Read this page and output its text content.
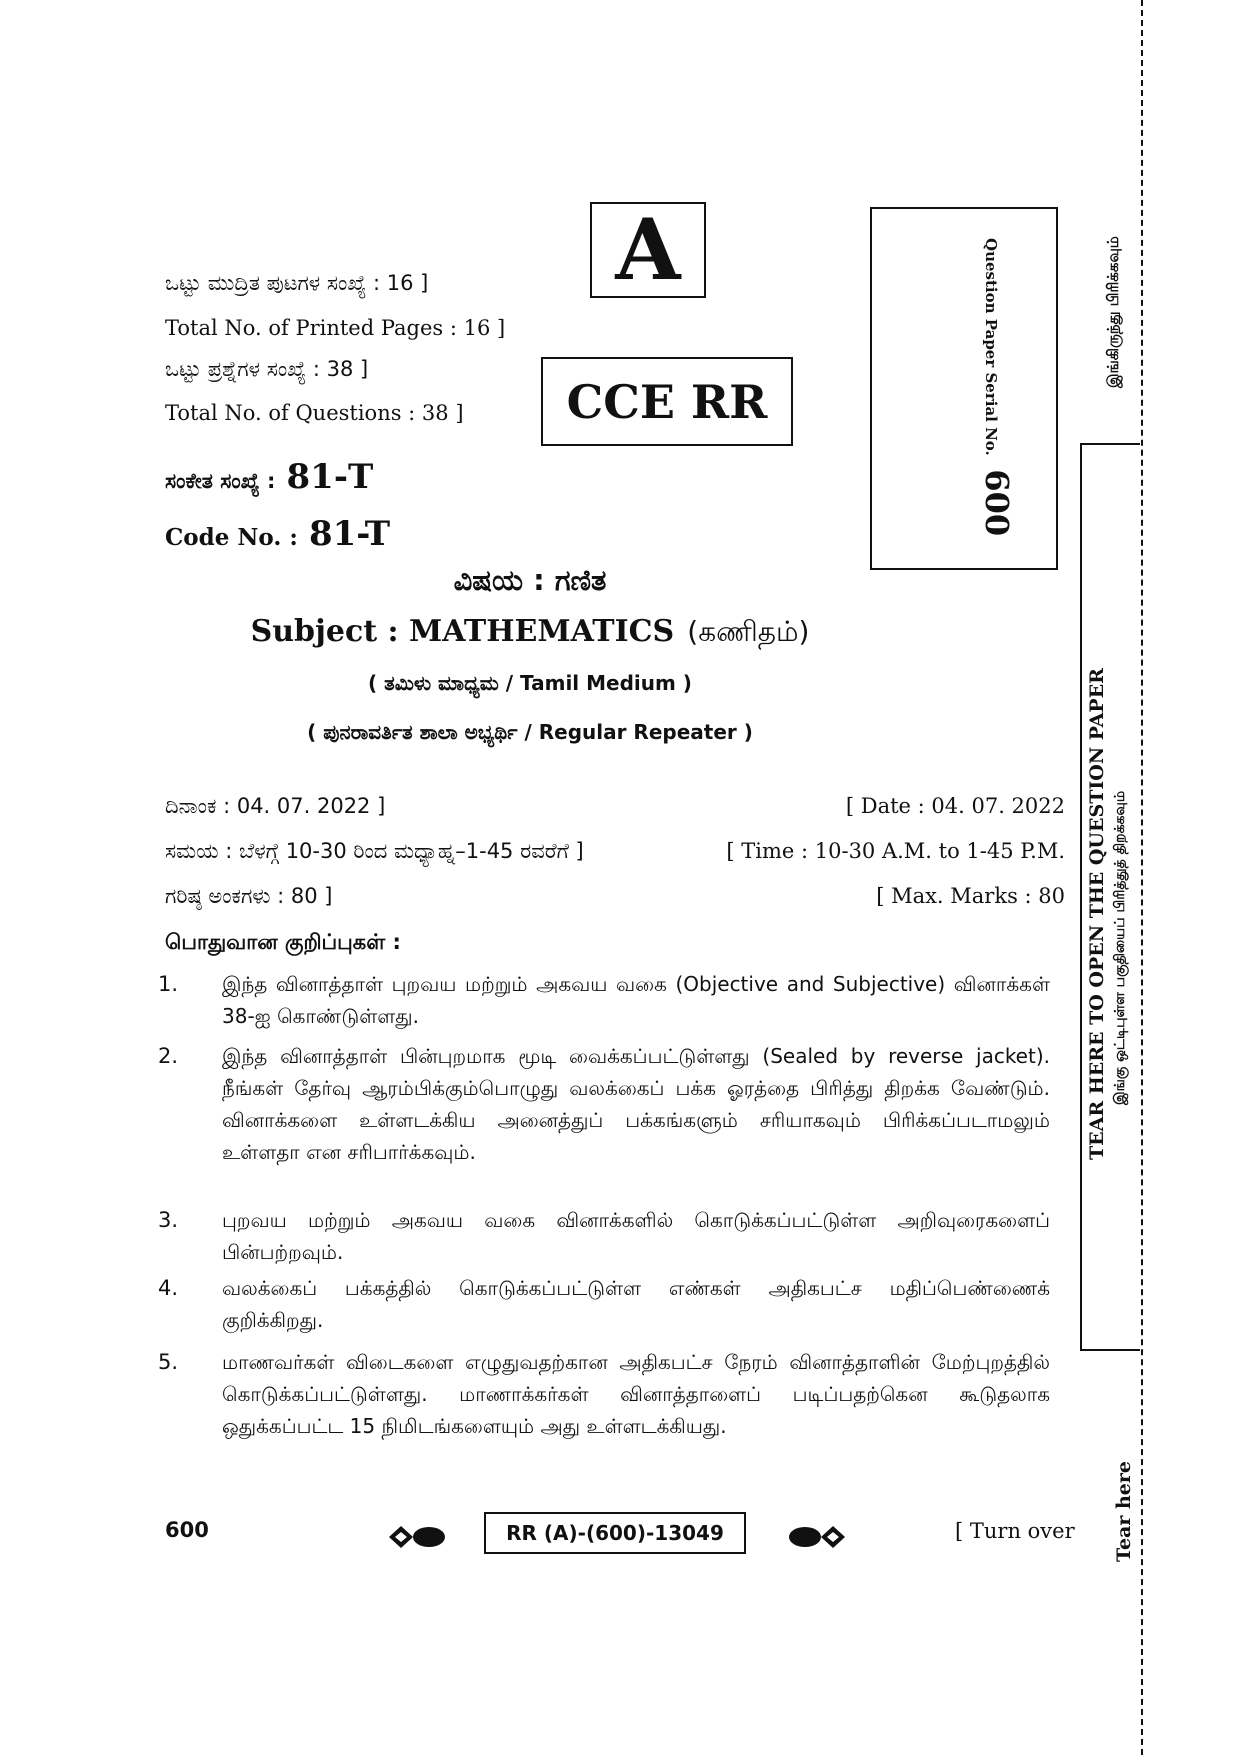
ಒಟ್ಟು ಮುದ್ರಿತ ಪುಟಗಳ ಸಂಖ್ಯೆ : 16 ]
Total No. of Printed Pages : 16 ]
ಒಟ್ಟು ಪ್ರಶ್ನೆಗಳ ಸಂಖ್ಯೆ : 38 ]
Total No. of Questions : 38 ]
ಸಂಕೇತ ಸಂಖ್ಯೆ : 81-T
Code No. : 81-T
A
CCE RR	Question Paper Serial No. 600
ವಿಷಯ : ಗಣಿತ
Subject : MATHEMATICS (கணிதம்)
( ತಮಿಳು ಮಾಧ್ಯಮ / Tamil Medium )
( ಪುನರಾವರ್ತಿತ ಶಾಲಾ ಅಭ್ಯರ್ಥಿ / Regular Repeater )
ದಿನಾಂಕ : 04. 07. 2022 ]	[ Date : 04. 07. 2022
ಸಮಯ : ಬೆಳಗ್ಗೆ 10-30 ರಿಂದ ಮಧ್ಯಾಹ್ನ–1-45 ರವರೆಗೆ ]	[ Time : 10-30 A.M. to 1-45 P.M.
ಗರಿಷ್ಠ ಅಂಕಗಳು : 80 ]	[ Max. Marks : 80
பொதுவான குறிப்புகள் :
1.	இந்த வினாத்தாள் புறவய மற்றும் அகவய வகை (Objective and Subjective) வினாக்கள் 38-ஐ கொண்டுள்ளது.
2.	இந்த வினாத்தாள் பின்புறமாக மூடி வைக்கப்பட்டுள்ளது (Sealed by reverse jacket). நீங்கள் தேர்வு ஆரம்பிக்கும்பொழுது வலக்கைப் பக்க ஓரத்தை பிரித்து திறக்க வேண்டும். வினாக்களை உள்ளடக்கிய அனைத்துப் பக்கங்களும் சரியாகவும் பிரிக்கப்படாமலும் உள்ளதா என சரிபார்க்கவும்.
3.	புறவய மற்றும் அகவய வகை வினாக்களில் கொடுக்கப்பட்டுள்ள அறிவுரைகளைப் பின்பற்றவும்.
4.	வலக்கைப் பக்கத்தில் கொடுக்கப்பட்டுள்ள எண்கள் அதிகபட்ச மதிப்பெண்ணைக் குறிக்கிறது.
5.	மாணவர்கள் விடைகளை எழுதுவதற்கான அதிகபட்ச நேரம் வினாத்தாளின் மேற்புறத்தில் கொடுக்கப்பட்டுள்ளது. மாணாக்கர்கள் வினாத்தாளைப் படிப்பதற்கென கூடுதலாக ஒதுக்கப்பட்ட 15 நிமிடங்களையும் அது உள்ளடக்கியது.
இங்கிருந்து பிரிக்கவும்
TEAR HERE TO OPEN THE QUESTION PAPER இங்கு ஒட்டிபுள்ள பகுதியைப் பிரித்துத் திறக்கவும்
Tear here
600	RR (A)-(600)-13049	[ Turn over
